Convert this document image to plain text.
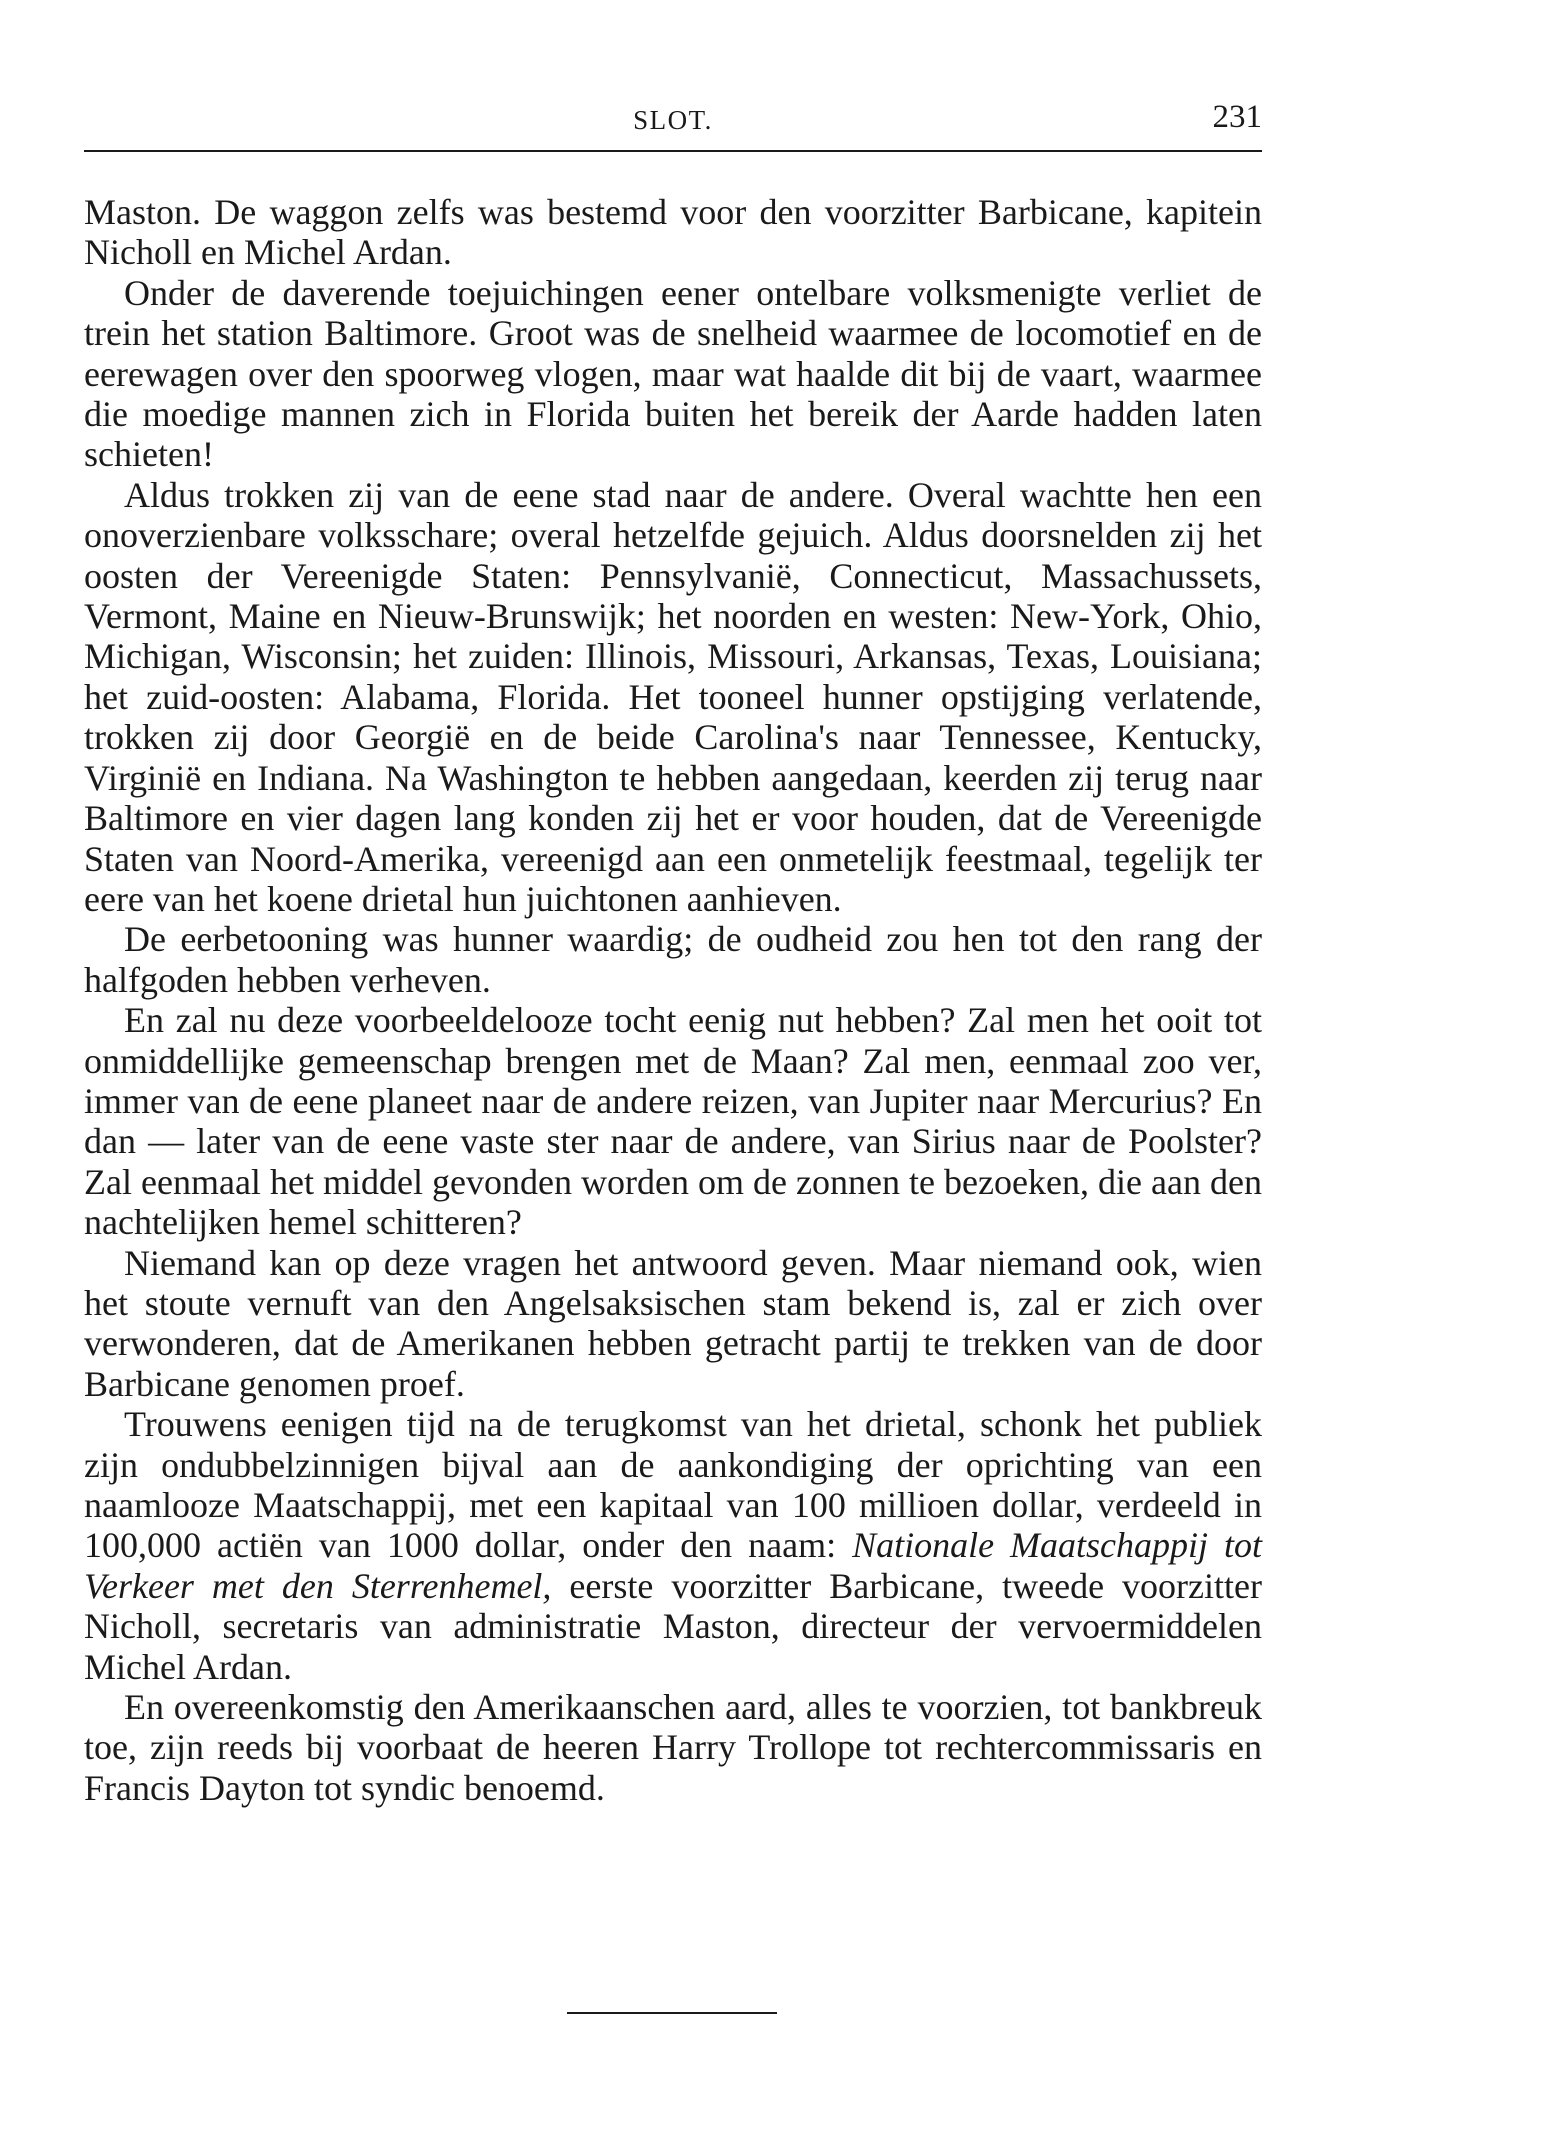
SLOT.	231

Maston. De waggon zelfs was bestemd voor den voorzitter Barbicane, kapitein Nicholl en Michel Ardan.

Onder de daverende toejuichingen eener ontelbare volksmenigte verliet de trein het station Baltimore. Groot was de snelheid waarmee de locomotief en de eerewagen over den spoorweg vlogen, maar wat haalde dit bij de vaart, waarmee die moedige mannen zich in Florida buiten het bereik der Aarde hadden laten schieten!

Aldus trokken zij van de eene stad naar de andere. Overal wachtte hen een onoverzienbare volksschare; overal hetzelfde gejuich. Aldus doorsnelden zij het oosten der Vereenigde Staten: Pennsylvanië, Connecticut, Massachussets, Vermont, Maine en Nieuw-Brunswijk; het noorden en westen: New-York, Ohio, Michigan, Wisconsin; het zuiden: Illinois, Missouri, Arkansas, Texas, Louisiana; het zuid-oosten: Alabama, Florida. Het tooneel hunner opstijging verlatende, trokken zij door Georgië en de beide Carolina's naar Tennessee, Kentucky, Virginië en Indiana. Na Washington te hebben aangedaan, keerden zij terug naar Baltimore en vier dagen lang konden zij het er voor houden, dat de Vereenigde Staten van Noord-Amerika, vereenigd aan een onmetelijk feestmaal, tegelijk ter eere van het koene drietal hun juichtonen aanhieven.

De eerbetooning was hunner waardig; de oudheid zou hen tot den rang der halfgoden hebben verheven.

En zal nu deze voorbeeldelooze tocht eenig nut hebben? Zal men het ooit tot onmiddellijke gemeenschap brengen met de Maan? Zal men, eenmaal zoo ver, immer van de eene planeet naar de andere reizen, van Jupiter naar Mercurius? En dan — later van de eene vaste ster naar de andere, van Sirius naar de Poolster? Zal eenmaal het middel gevonden worden om de zonnen te bezoeken, die aan den nachtelijken hemel schitteren?

Niemand kan op deze vragen het antwoord geven. Maar niemand ook, wien het stoute vernuft van den Angelsaksischen stam bekend is, zal er zich over verwonderen, dat de Amerikanen hebben getracht partij te trekken van de door Barbicane genomen proef.

Trouwens eenigen tijd na de terugkomst van het drietal, schonk het publiek zijn ondubbelzinnigen bijval aan de aankondiging der oprichting van een naamlooze Maatschappij, met een kapitaal van 100 millioen dollar, verdeeld in 100,000 actiën van 1000 dollar, onder den naam: Nationale Maatschappij tot Verkeer met den Sterrenhemel, eerste voorzitter Barbicane, tweede voorzitter Nicholl, secretaris van administratie Maston, directeur der vervoermiddelen Michel Ardan.

En overeenkomstig den Amerikaanschen aard, alles te voorzien, tot bankbreuk toe, zijn reeds bij voorbaat de heeren Harry Trollope tot rechtercommissaris en Francis Dayton tot syndic benoemd.
